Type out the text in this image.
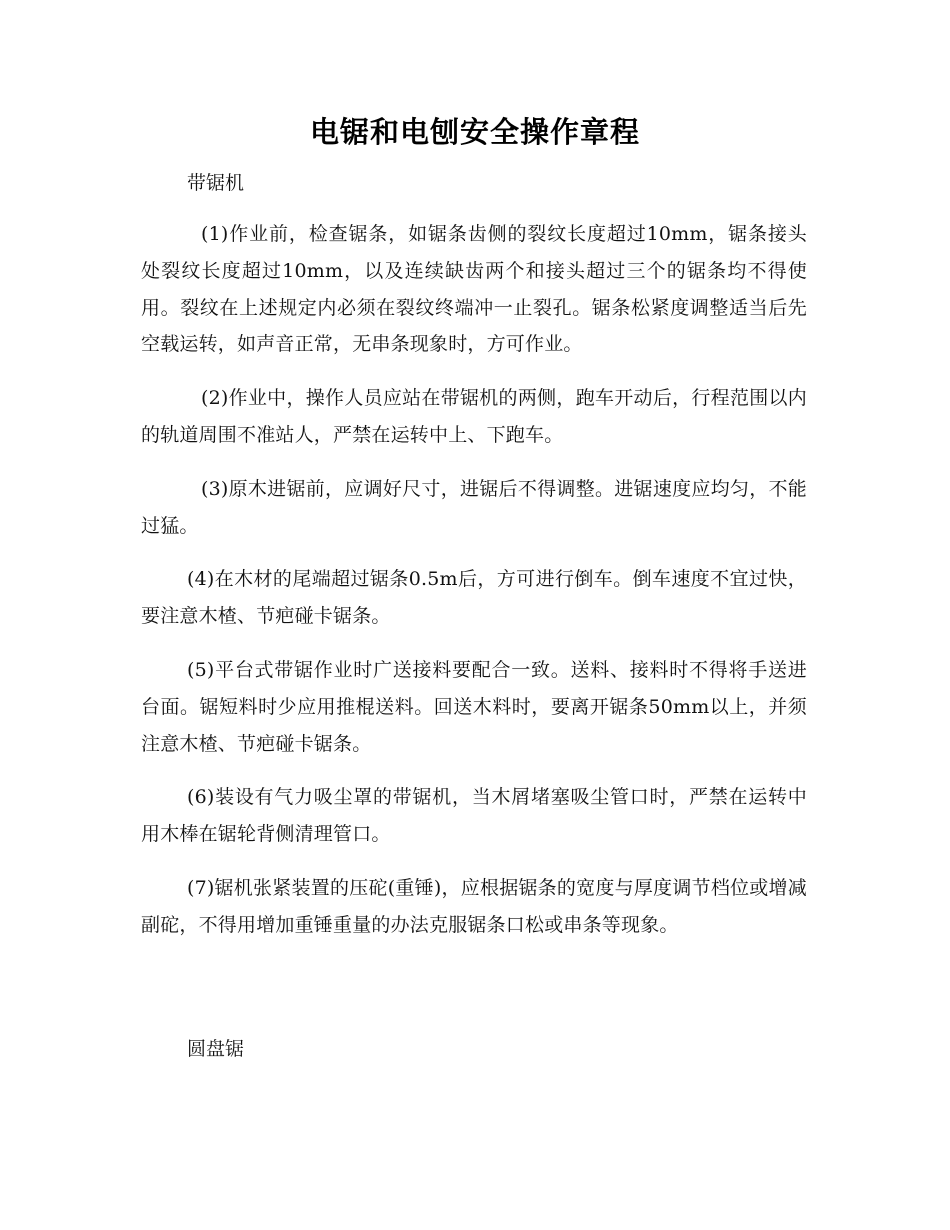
电锯和电刨安全操作章程
带锯机

(1)作业前，检查锯条，如锯条齿侧的裂纹长度超过10mm，锯条接头处裂纹长度超过10mm，以及连续缺齿两个和接头超过三个的锯条均不得使用。裂纹在上述规定内必须在裂纹终端冲一止裂孔。锯条松紧度调整适当后先空载运转，如声音正常，无串条现象时，方可作业。

(2)作业中，操作人员应站在带锯机的两侧，跑车开动后，行程范围以内的轨道周围不准站人，严禁在运转中上、下跑车。

(3)原木进锯前，应调好尺寸，进锯后不得调整。进锯速度应均匀，不能过猛。

(4)在木材的尾端超过锯条0.5m后，方可进行倒车。倒车速度不宜过快，要注意木楂、节疤碰卡锯条。

(5)平台式带锯作业时广送接料要配合一致。送料、接料时不得将手送进台面。锯短料时少应用推棍送料。回送木料时，要离开锯条50mm以上，并须注意木楂、节疤碰卡锯条。

(6)装设有气力吸尘罩的带锯机，当木屑堵塞吸尘管口时，严禁在运转中用木棒在锯轮背侧清理管口。

(7)锯机张紧装置的压砣(重锤)，应根据锯条的宽度与厚度调节档位或增减副砣，不得用增加重锤重量的办法克服锯条口松或串条等现象。

圆盘锯
